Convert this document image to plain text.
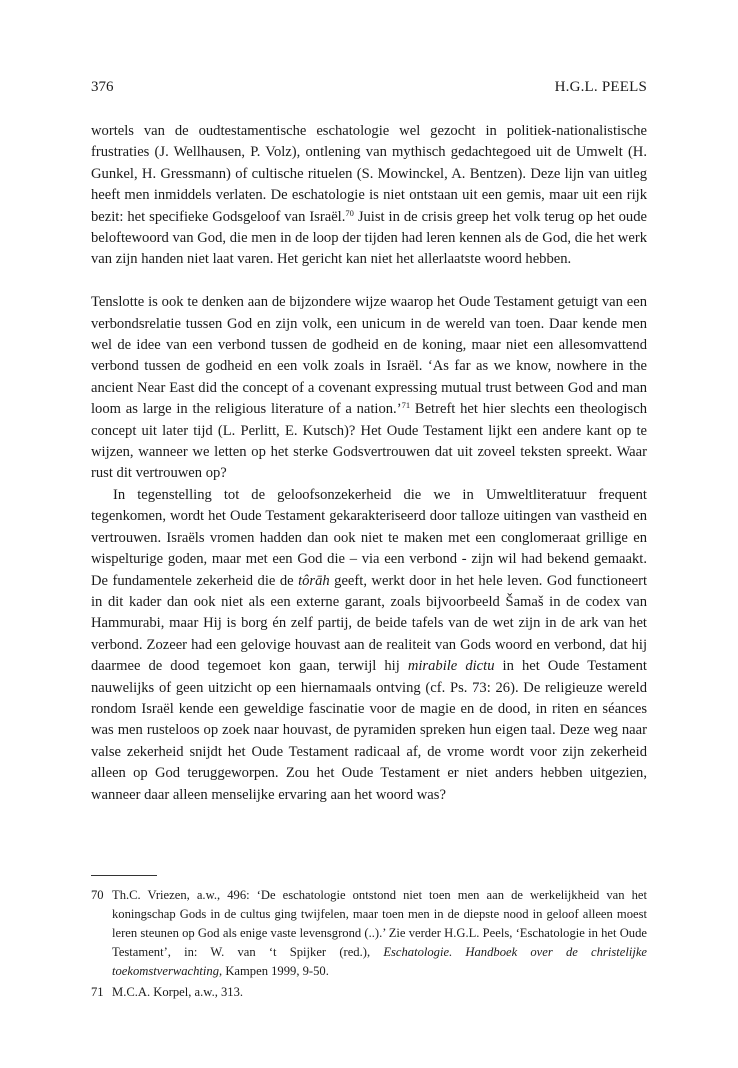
376	H.G.L. PEELS

wortels van de oudtestamentische eschatologie wel gezocht in politiek-nationalistische frustraties (J. Wellhausen, P. Volz), ontlening van mythisch gedachtegoed uit de Umwelt (H. Gunkel, H. Gressmann) of cultische rituelen (S. Mowinckel, A. Bentzen). Deze lijn van uitleg heeft men inmiddels verlaten. De eschatologie is niet ontstaan uit een gemis, maar uit een rijk bezit: het specifieke Godsgeloof van Israël.$^{70}$ Juist in de crisis greep het volk terug op het oude beloftewoord van God, die men in de loop der tijden had leren kennen als de God, die het werk van zijn handen niet laat varen. Het gericht kan niet het allerlaatste woord hebben.

Tenslotte is ook te denken aan de bijzondere wijze waarop het Oude Testament getuigt van een verbondsrelatie tussen God en zijn volk, een unicum in de wereld van toen. Daar kende men wel de idee van een verbond tussen de godheid en de koning, maar niet een allesomvattend verbond tussen de godheid en een volk zoals in Israël. ‘As far as we know, nowhere in the ancient Near East did the concept of a covenant expressing mutual trust between God and man loom as large in the religious literature of a nation.’$^{71}$ Betreft het hier slechts een theologisch concept uit later tijd (L. Perlitt, E. Kutsch)? Het Oude Testament lijkt een andere kant op te wijzen, wanneer we letten op het sterke Godsvertrouwen dat uit zoveel teksten spreekt. Waar rust dit vertrouwen op?

In tegenstelling tot de geloofsonzekerheid die we in Umweltliteratuur frequent tegenkomen, wordt het Oude Testament gekarakteriseerd door talloze uitingen van vastheid en vertrouwen. Israëls vromen hadden dan ook niet te maken met een conglomeraat grillige en wispelturige goden, maar met een God die – via een verbond - zijn wil had bekend gemaakt. De fundamentele zekerheid die de tôrāh geeft, werkt door in het hele leven. God functioneert in dit kader dan ook niet als een externe garant, zoals bijvoorbeeld Šamaš in de codex van Hammurabi, maar Hij is borg én zelf partij, de beide tafels van de wet zijn in de ark van het verbond. Zozeer had een gelovige houvast aan de realiteit van Gods woord en verbond, dat hij daarmee de dood tegemoet kon gaan, terwijl hij mirabile dictu in het Oude Testament nauwelijks of geen uitzicht op een hiernamaals ontving (cf. Ps. 73: 26). De religieuze wereld rondom Israël kende een geweldige fascinatie voor de magie en de dood, in riten en séances was men rusteloos op zoek naar houvast, de pyramiden spreken hun eigen taal. Deze weg naar valse zekerheid snijdt het Oude Testament radicaal af, de vrome wordt voor zijn zekerheid alleen op God teruggeworpen. Zou het Oude Testament er niet anders hebben uitgezien, wanneer daar alleen menselijke ervaring aan het woord was?

70 Th.C. Vriezen, a.w., 496: ‘De eschatologie ontstond niet toen men aan de werkelijkheid van het koningschap Gods in de cultus ging twijfelen, maar toen men in de diepste nood in geloof alleen moest leren steunen op God als enige vaste levensgrond (..).’ Zie verder H.G.L. Peels, ‘Eschatologie in het Oude Testament’, in: W. van ‘t Spijker (red.), Eschatologie. Handboek over de christelijke toekomstverwachting, Kampen 1999, 9-50.
71 M.C.A. Korpel, a.w., 313.
